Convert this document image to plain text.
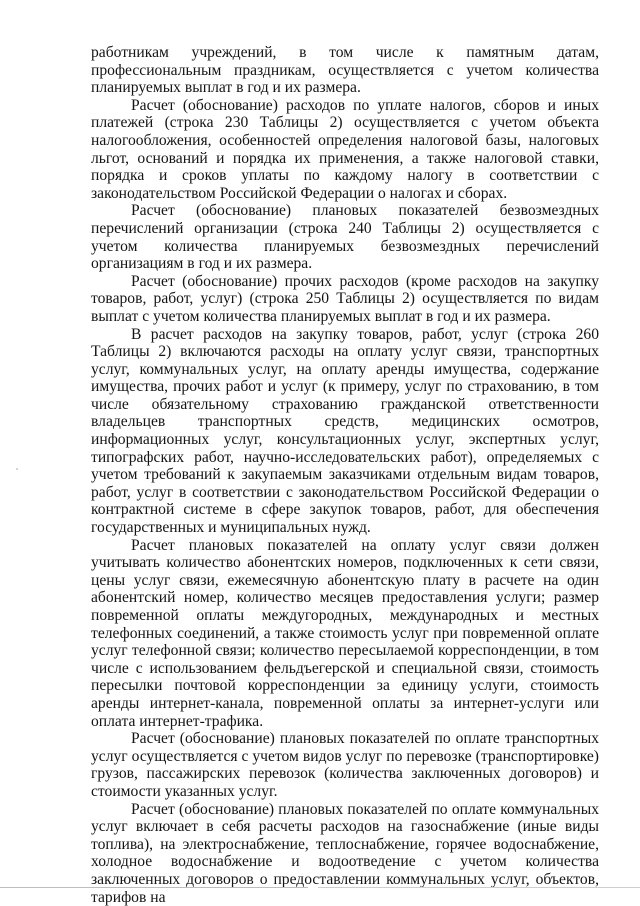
работникам учреждений, в том числе к памятным датам, профессиональным праздникам, осуществляется с учетом количества планируемых выплат в год и их размера.

Расчет (обоснование) расходов по уплате налогов, сборов и иных платежей (строка 230 Таблицы 2) осуществляется с учетом объекта налогообложения, особенностей определения налоговой базы, налоговых льгот, оснований и порядка их применения, а также налоговой ставки, порядка и сроков уплаты по каждому налогу в соответствии с законодательством Российской Федерации о налогах и сборах.

Расчет (обоснование) плановых показателей безвозмездных перечислений организации (строка 240 Таблицы 2) осуществляется с учетом количества планируемых безвозмездных перечислений организациям в год и их размера.

Расчет (обоснование) прочих расходов (кроме расходов на закупку товаров, работ, услуг) (строка 250 Таблицы 2) осуществляется по видам выплат с учетом количества планируемых выплат в год и их размера.

В расчет расходов на закупку товаров, работ, услуг (строка 260 Таблицы 2) включаются расходы на оплату услуг связи, транспортных услуг, коммунальных услуг, на оплату аренды имущества, содержание имущества, прочих работ и услуг (к примеру, услуг по страхованию, в том числе обязательному страхованию гражданской ответственности владельцев транспортных средств, медицинских осмотров, информационных услуг, консультационных услуг, экспертных услуг, типографских работ, научно-исследовательских работ), определяемых с учетом требований к закупаемым заказчиками отдельным видам товаров, работ, услуг в соответствии с законодательством Российской Федерации о контрактной системе в сфере закупок товаров, работ, для обеспечения государственных и муниципальных нужд.

Расчет плановых показателей на оплату услуг связи должен учитывать количество абонентских номеров, подключенных к сети связи, цены услуг связи, ежемесячную абонентскую плату в расчете на один абонентский номер, количество месяцев предоставления услуги; размер повременной оплаты междугородных, международных и местных телефонных соединений, а также стоимость услуг при повременной оплате услуг телефонной связи; количество пересылаемой корреспонденции, в том числе с использованием фельдъегерской и специальной связи, стоимость пересылки почтовой корреспонденции за единицу услуги, стоимость аренды интернет-канала, повременной оплаты за интернет-услуги или оплата интернет-трафика.

Расчет (обоснование) плановых показателей по оплате транспортных услуг осуществляется с учетом видов услуг по перевозке (транспортировке) грузов, пассажирских перевозок (количества заключенных договоров) и стоимости указанных услуг.

Расчет (обоснование) плановых показателей по оплате коммунальных услуг включает в себя расчеты расходов на газоснабжение (иные виды топлива), на электроснабжение, теплоснабжение, горячее водоснабжение, холодное водоснабжение и водоотведение с учетом количества заключенных договоров о предоставлении коммунальных услуг, объектов, тарифов на
